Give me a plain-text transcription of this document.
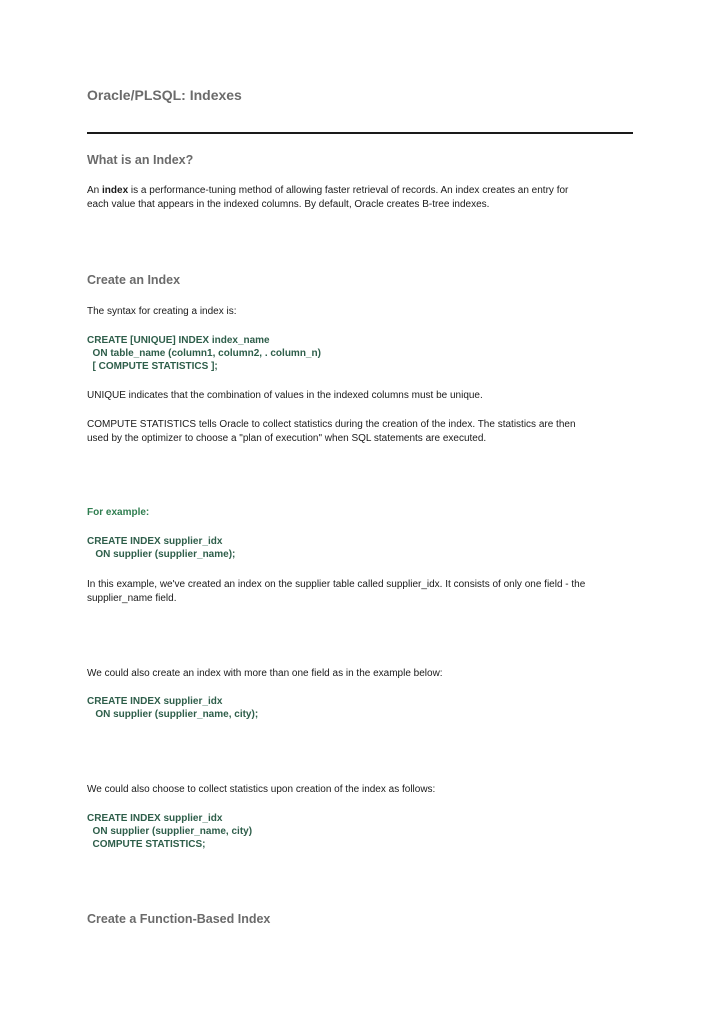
Oracle/PLSQL: Indexes
What is an Index?
An index is a performance-tuning method of allowing faster retrieval of records. An index creates an entry for
each value that appears in the indexed columns. By default, Oracle creates B-tree indexes.
Create an Index
The syntax for creating a index is:
CREATE [UNIQUE] INDEX index_name
ON table_name (column1, column2, . column_n)
[ COMPUTE STATISTICS ];
UNIQUE indicates that the combination of values in the indexed columns must be unique.
COMPUTE STATISTICS tells Oracle to collect statistics during the creation of the index. The statistics are then
used by the optimizer to choose a "plan of execution" when SQL statements are executed.
For example:
CREATE INDEX supplier_idx
ON supplier (supplier_name);
In this example, we've created an index on the supplier table called supplier_idx. It consists of only one field - the
supplier_name field.
We could also create an index with more than one field as in the example below:
CREATE INDEX supplier_idx
ON supplier (supplier_name, city);
We could also choose to collect statistics upon creation of the index as follows:
CREATE INDEX supplier_idx
ON supplier (supplier_name, city)
COMPUTE STATISTICS;
Create a Function-Based Index
